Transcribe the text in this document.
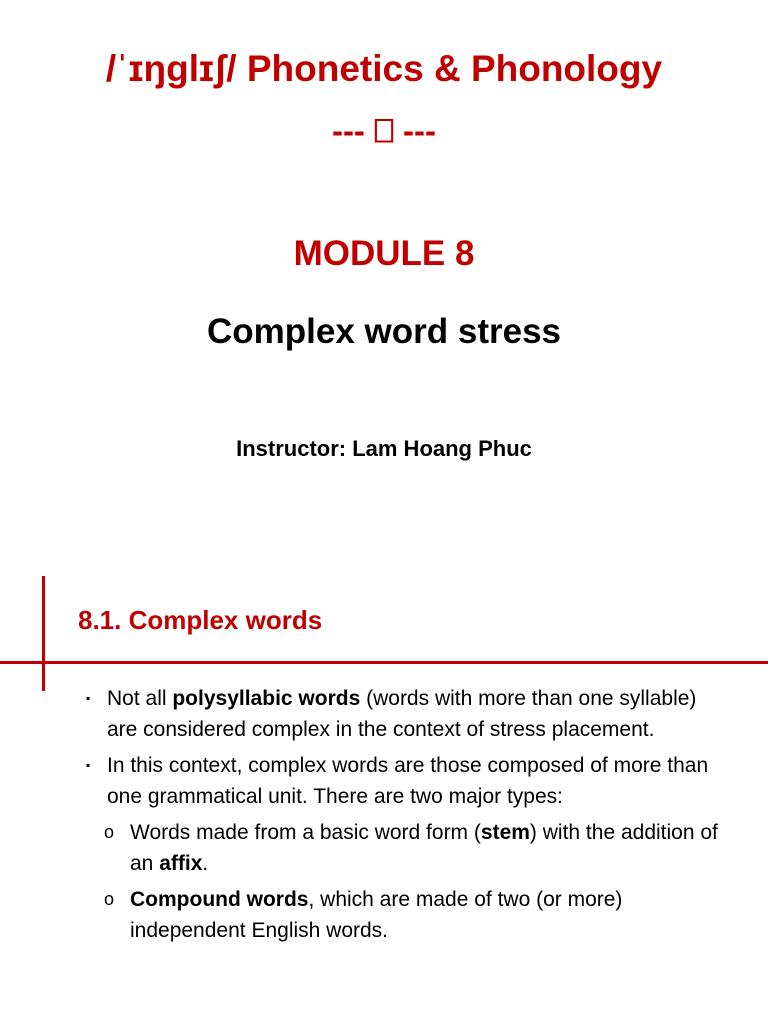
/ˈɪŋglɪʃ/ Phonetics & Phonology
--- ⎕ ---
MODULE 8
Complex word stress
Instructor: Lam Hoang Phuc
8.1. Complex words
▪ Not all polysyllabic words (words with more than one syllable) are considered complex in the context of stress placement.
▪ In this context, complex words are those composed of more than one grammatical unit. There are two major types:
o Words made from a basic word form (stem) with the addition of an affix.
o Compound words, which are made of two (or more) independent English words.
